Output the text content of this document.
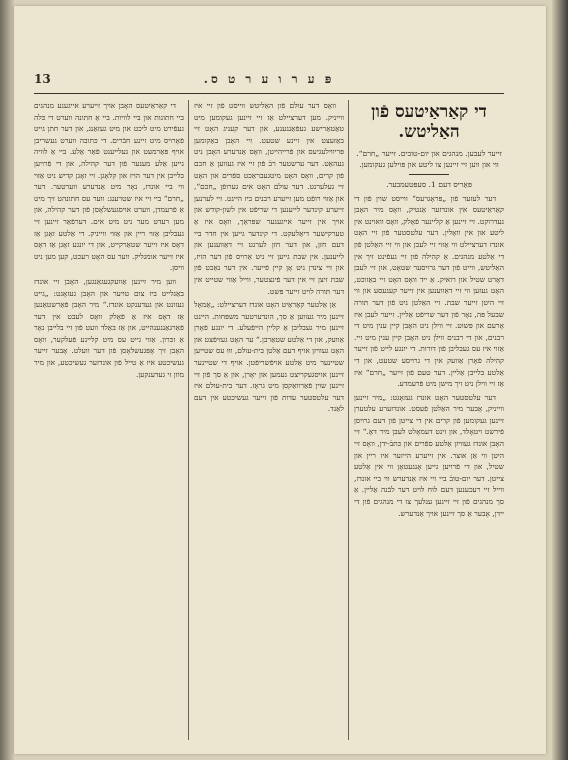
פּ ע ר ו ע ר ט ס.
13
די קאַראַיטעס פֿון האַליטש.
זייער לעבען. מנהגים און יום-טובים. זייער „חרם“. ווי און ווען זיי זיינען צו ליטע און פּוילען געקומען.
פּאַריס דעם 1. סעפּטעמבער.

דער לעזער פֿון „פּראָגרעס“ ווייסט שוין פֿון די קאַראַיטעס אין אונדזער אַנטיק, וואָס מיר האָבן געדרוקט. זיי זיינען אַ קליינער פֿאָלק, וואָס וואוינט אין ליטע און אין וואָלין. דער עלטסטער פֿון זיי האָט אונדז דערציילט ווי אַזוי זיי לעבן און ווי זיי האַלטן פֿון די אַלטע מנהגים. אַ קהילה פֿון זיי געפֿינט זיך אין האַליטש, ווייט פֿון דער גרויסער שטאָט, און זיי לעבן דאָרט שטיל און רואיק. אַ ייד וואָס האָט זיי באַזוכט, האָט געזען ווי זיי דאַווענען אין זייער קענעסע און ווי זיי היטן זייער שבת. זיי האַלטן ניט פֿון דער תּורה שבעל פּה, נאָר פֿון דער שריפֿט אַליין. זייער לעבן איז אָרעם און פּשוט. זיי ווילן ניט האָבן קיין ענין מיט די רבנים, און די רבנים ווילן ניט האָבן קיין ענין מיט זיי. אַזוי איז עס געבליבן פֿון דורות. די יונגע לייט פֿון זייער קהילה פֿאָרן אַוועק אין די גרויסע שטעט, און די אַלטע בלייבן אַליין. דער טעם פֿון זייער „חרם“ איז אַז זיי ווילן ניט זיך מישן מיט פֿרעמדע.

דער עלטסטער האָט אונדז געזאָגט: „מיר זיינען ווייניק, אָבער מיר האַלטן פֿעסט. אונדזערע עלטערן זיינען געקומען פֿון קרים אין די צייטן פֿון דעם גרויסן פֿירשט ויטאָלד, און זינט דעמאָלט לעבן מיר דאָ.“ זיי האָבן אונדז געוויזן אַלטע ספֿרים און כּתבֿ-ידן, וואָס זיי היטן ווי אַן אוצר. אין זייערע הייזער איז ריין און שטיל, און די פֿרויען גייען אָנגעטאָן ווי אין אַלטע צייטן. דער יום-טובֿ ביי זיי איז אַנדערש ווי ביי אונדז, ווייל זיי רעכענען דעם לוח לויט דער לבֿנה אַליין. אַ סך מנהגים פֿון זיי זיינען ענלעך צו די מנהגים פֿון די יידן, אָבער אַ סך זיינען אויך אַנדערש.

וואָס דער עולם פֿון האַליטש ווייסט פֿון זיי איז ווייניק. מען דערציילט אַז זיי זיינען געקומען מיט טאַטאַרישע געפֿאַנגענע, און דער קעניג האָט זיי באַזעצט אין זיינע שטעט. זיי האָבן באַקומען פּריווילעגיעס און פֿרייהייטן, וואָס אַנדערע האָבן ניט געהאַט. דער ערשטער רבֿ פֿון זיי איז געווען אַ חכם פֿון קרים, וואָס האָט מיטגעבראַכט ספֿרים און האָט זיי געלערנט. דער עולם האָט אים גערופֿן „חכם“, און אַזוי רופֿט מען זייערע רבנים ביז היינט. זיי לערנען זייערע קינדער לייענען די שריפֿט אין לשון-קודש און אויך אין זייער אייגענער שפּראַך, וואָס איז אַ טערקישער דיאַלעקט. די קינדער גייען אין חדר ביי דעם חזן, און דער חזן לערנט זיי דאַווענען און לייענען. אין שבת גייען זיי ניט אַרויס פֿון דער הויז, און זיי צינדן ניט אָן קיין פֿייער. אין דער נאַכט פֿון שבת זיצן זיי אין דער פֿינצטער, ווייל אַזוי שטייט אין דער תּורה לויט זייער פּשט.

אַן אַלטער קאַראַיט האָט אונדז דערציילט: „אַמאָל זיינען מיר געווען אַ סך, הונדערטער משפּחות. היינט זיינען מיר געבליבן אַ קליין הייפֿעלע. די יונגע פֿאָרן אַוועק, און די אַלטע שטאַרבן.“ ער האָט געזיפֿצט און האָט געוויזן אויף דעם אַלטן בית-עולם, וווּ עס שטייען שטיינער מיט אַלטע אויפֿשריפֿטן. אויף די שטיינער זיינען אויסגעקריצט נעמען און יאָרן, און אַ סך פֿון זיי זיינען שוין פֿאַרוואַקסן מיט גראָז. דער בית-עולם איז דער עלטסטער עדות פֿון זייער געשיכטע אין דעם לאַנד.

די קאַראַיטעס האָבן אויך זייערע אייגענע מנהגים ביי חתונות און ביי לוויות. ביי אַ חתונה ווערט די כּלה געפֿירט מיט ליכט און מיט געזאַנג, און דער חתן גייט פֿאָרויס מיט זיינע חבֿרים. די כּתובה ווערט געשריבן אויף פּאַרמעט און געלייענט פֿאַר אַלע. ביי אַ לוויה גייען אַלע מענער פֿון דער קהילה, און די פֿרויען בלייבן אין דער הויז און קלאָגן. זיי זאָגן קדיש ניט אַזוי ווי ביי אונדז, נאָר מיט אַנדערע ווערטער. דער „חרם“ ביי זיי איז שטרענג: ווער עס חתונהט זיך מיט אַ פֿרעמדן, ווערט אויסגעשלאָסן פֿון דער קהילה, און מען רעדט מער ניט מיט אים. דערפֿאַר זיינען זיי געבליבן אַזוי ריין און אַזוי ווייניק. די אַלטע זאָגן אַז דאָס איז זייער שטאַרקייט, און די יונגע זאָגן אַז דאָס איז זייער אומגליק. ווער עס האָט רעכט, קען מען ניט וויסן.

ווען מיר זיינען אַוועקגעגאַנגען, האָבן זיי אונדז באַגלייט ביז צום טויער און האָבן געזאָגט: „גייט געזונט און געדענקט אונדז.“ מיר האָבן פֿאַרשטאַנען אַז דאָס איז אַ פֿאָלק וואָס לעבט אין דער פֿאַרגאַנגענהייט, און אַז באַלד וועט פֿון זיי בלייבן נאָר אַ זכּרון. אַזוי גייט עס מיט קליינע פֿעלקער, וואָס האָבן זיך אָפּגעשלאָסן פֿון דער וועלט. אָבער זייער געשיכטע איז אַ טייל פֿון אונדזער געשיכטע, און מיר מוזן זי געדענקען.
